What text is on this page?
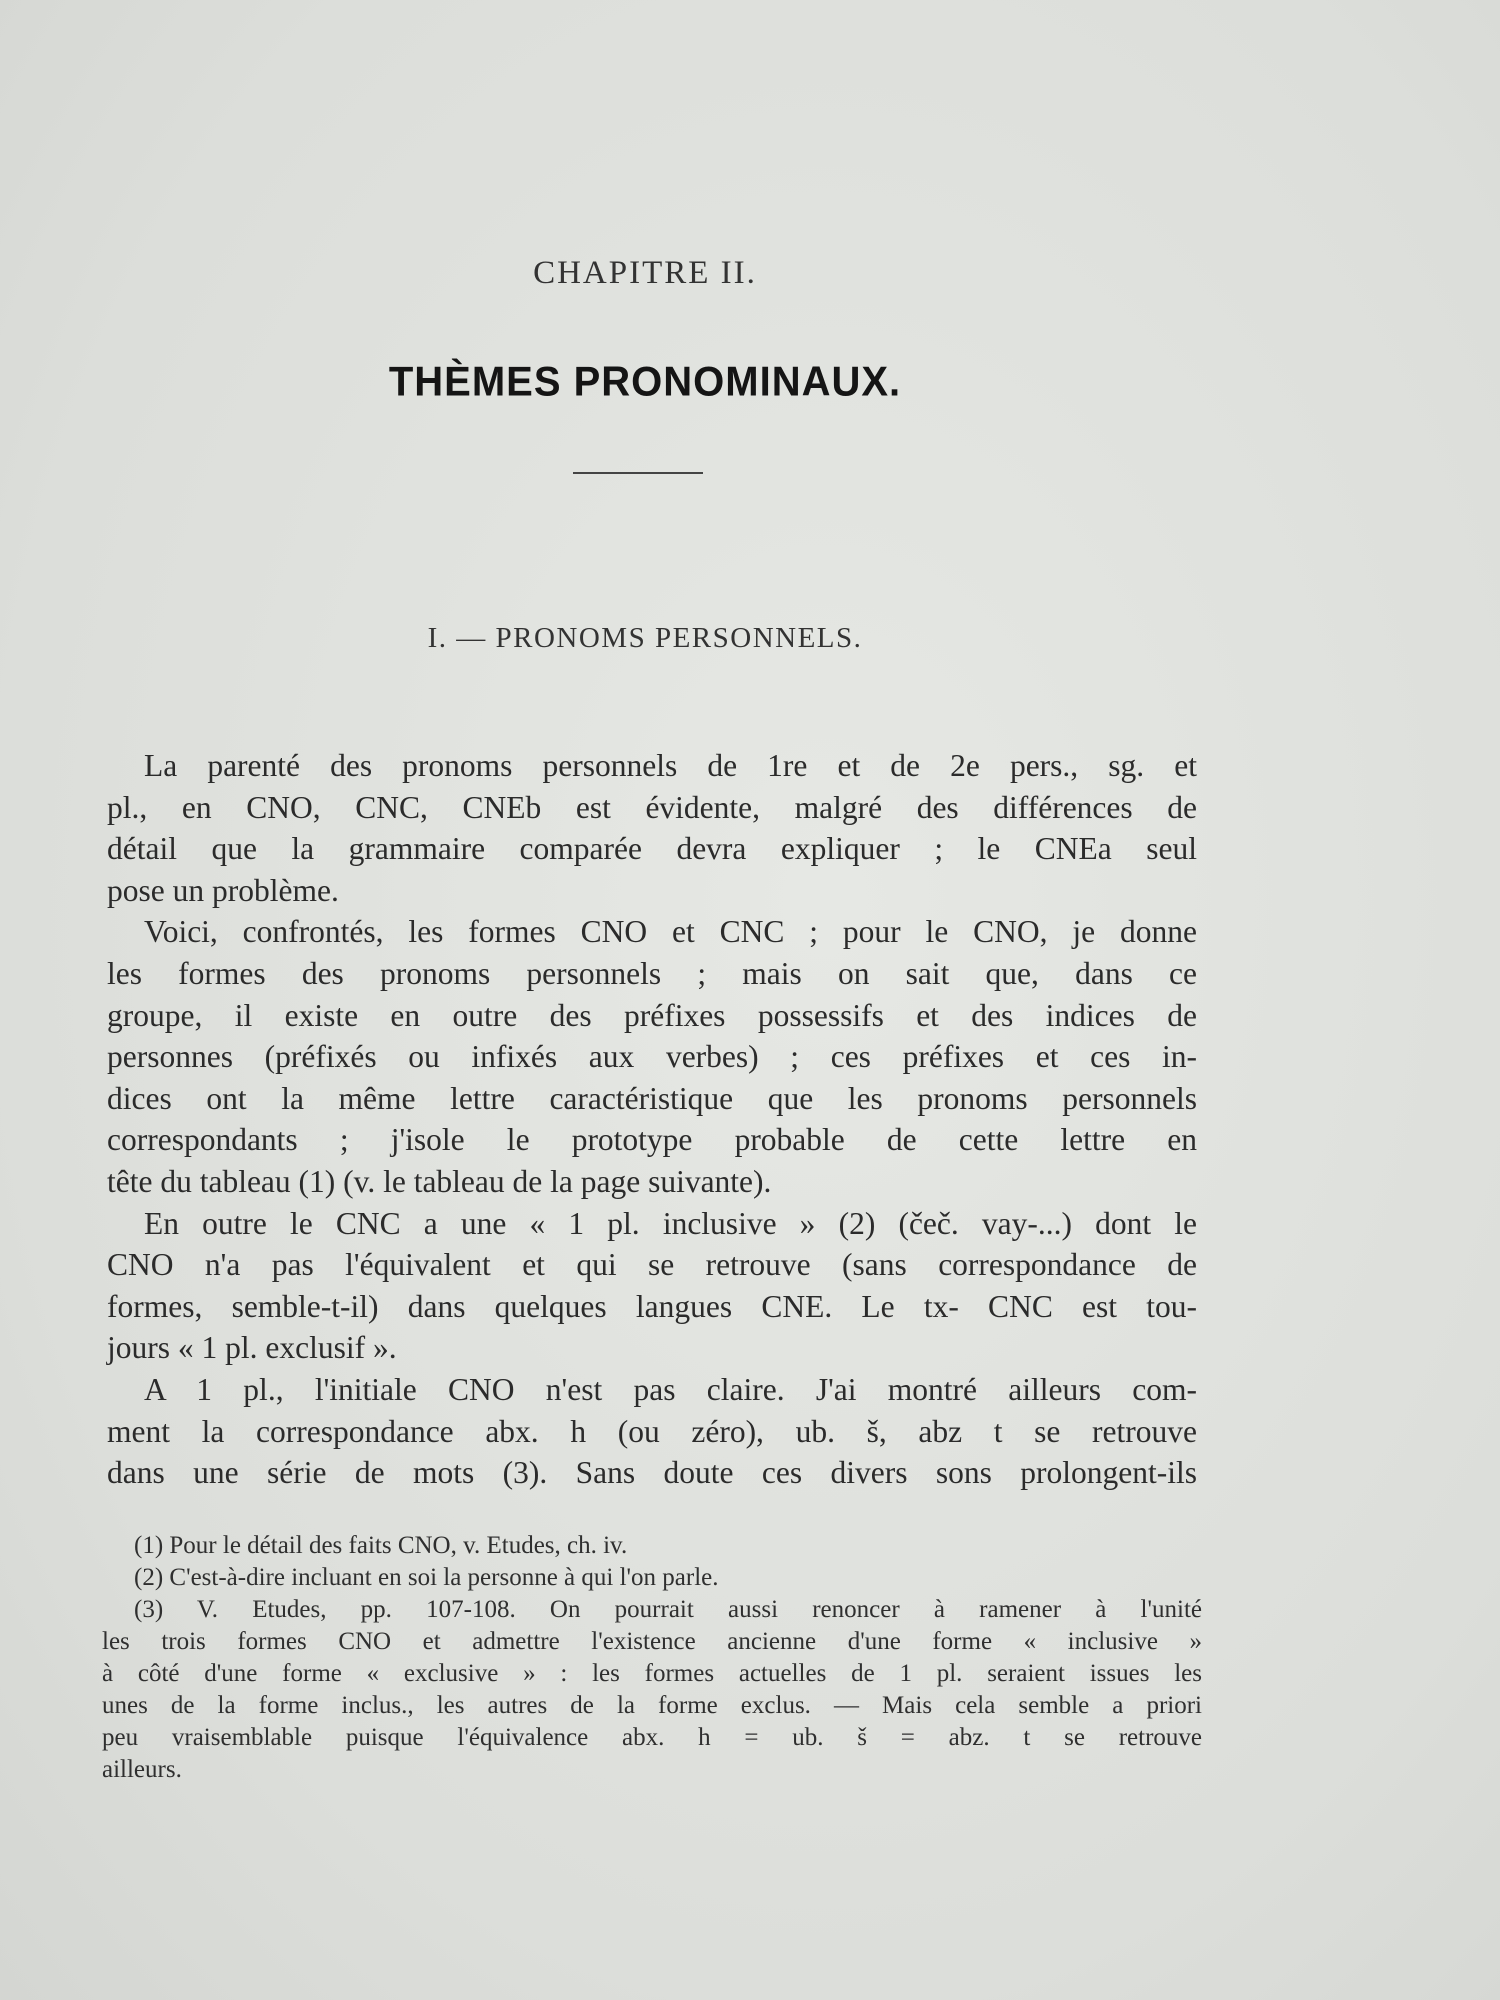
CHAPITRE II.
THÈMES PRONOMINAUX.
I. — PRONOMS PERSONNELS.
La parenté des pronoms personnels de 1re et de 2e pers., sg. et
pl., en CNO, CNC, CNEb est évidente, malgré des différences de
détail que la grammaire comparée devra expliquer ; le CNEa seul
pose un problème.
Voici, confrontés, les formes CNO et CNC ; pour le CNO, je donne
les formes des pronoms personnels ; mais on sait que, dans ce
groupe, il existe en outre des préfixes possessifs et des indices de
personnes (préfixés ou infixés aux verbes) ; ces préfixes et ces in-
dices ont la même lettre caractéristique que les pronoms personnels
correspondants ; j'isole le prototype probable de cette lettre en
tête du tableau (1) (v. le tableau de la page suivante).
En outre le CNC a une « 1 pl. inclusive » (2) (čeč. vay-...) dont le
CNO n'a pas l'équivalent et qui se retrouve (sans correspondance de
formes, semble-t-il) dans quelques langues CNE. Le tx- CNC est tou-
jours « 1 pl. exclusif ».
A 1 pl., l'initiale CNO n'est pas claire. J'ai montré ailleurs com-
ment la correspondance abx. h (ou zéro), ub. š, abz t se retrouve
dans une série de mots (3). Sans doute ces divers sons prolongent-ils
(1) Pour le détail des faits CNO, v. Etudes, ch. iv.
(2) C'est-à-dire incluant en soi la personne à qui l'on parle.
(3) V. Etudes, pp. 107-108. On pourrait aussi renoncer à ramener à l'unité
les trois formes CNO et admettre l'existence ancienne d'une forme « inclusive »
à côté d'une forme « exclusive » : les formes actuelles de 1 pl. seraient issues les
unes de la forme inclus., les autres de la forme exclus. — Mais cela semble a priori
peu vraisemblable puisque l'équivalence abx. h = ub. š = abz. t se retrouve
ailleurs.
